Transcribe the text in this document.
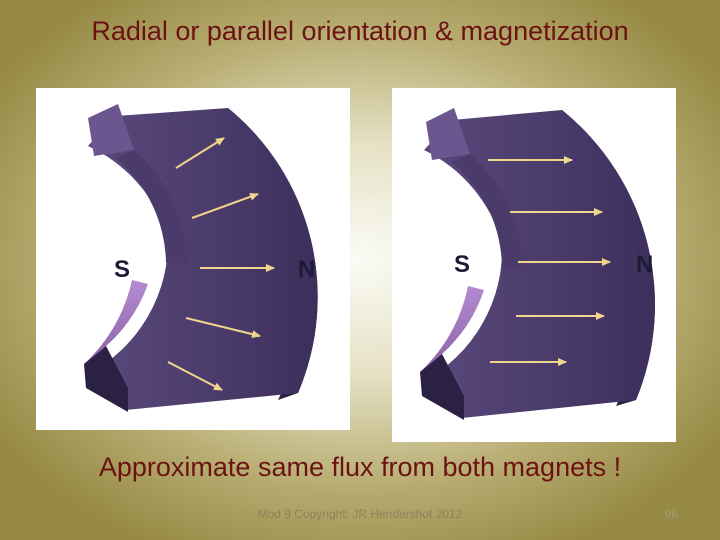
Radial or parallel orientation & magnetization
S	N	S	N
Approximate same flux from both magnets !
Mod 9 Copyright: JR Hendershot 2012	96
